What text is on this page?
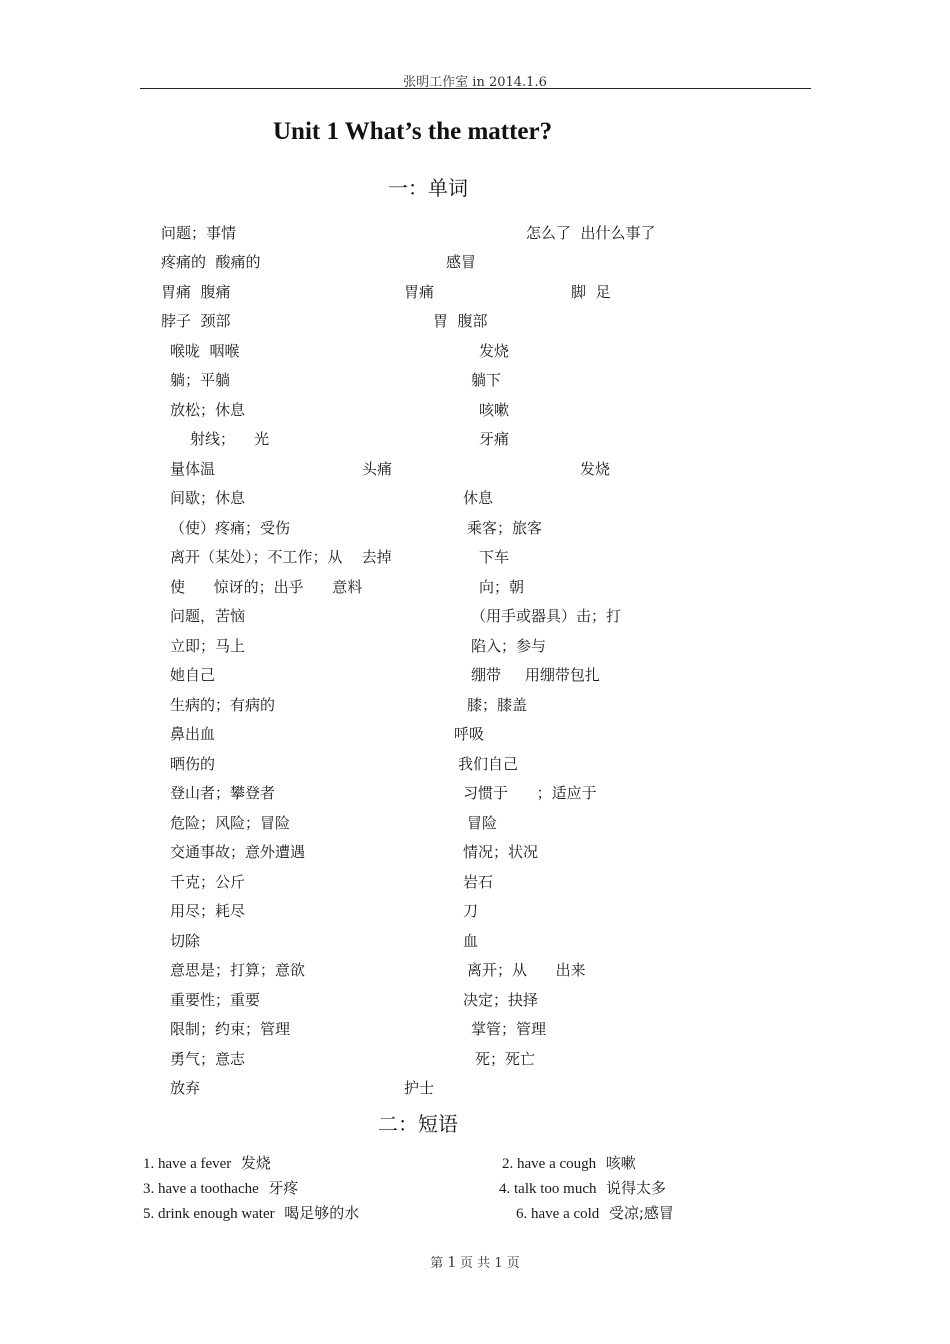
张明工作室 in 2014.1.6
Unit 1 What’s the matter?
一：单词
问题；事情	怎么了  出什么事了
疼痛的  酸痛的	感冒
胃痛  腹痛	胃痛	脚  足
脖子  颈部	胃  腹部
喉咙  咽喉	发烧
躺；平躺	躺下
放松；休息	咳嗽
射线；    光	牙痛
量体温	头痛	发烧
间歇；休息	休息
（使）疼痛；受伤	乘客；旅客
离开（某处）；不工作；从    去掉	下车
使      惊讶的；出乎      意料	向；朝
问题，苦恼	（用手或器具）击；打
立即；马上	陷入；参与
她自己	绷带     用绷带包扎
生病的；有病的	膝；膝盖
鼻出血	呼吸
晒伤的	我们自己
登山者；攀登者	习惯于      ；适应于
危险；风险；冒险	冒险
交通事故；意外遭遇	情况；状况
千克；公斤	岩石
用尽；耗尽	刀
切除	血
意思是；打算；意欲	离开；从      出来
重要性；重要	决定；抉择
限制；约束；管理	掌管；管理
勇气；意志	死；死亡
放弃	护士
二：短语
1. have a fever 发烧	2. have a cough 咳嗽
3. have a toothache 牙疼	4. talk too much 说得太多
5. drink enough water 喝足够的水	6. have a cold 受凉;感冒
第 1 页 共 1 页
